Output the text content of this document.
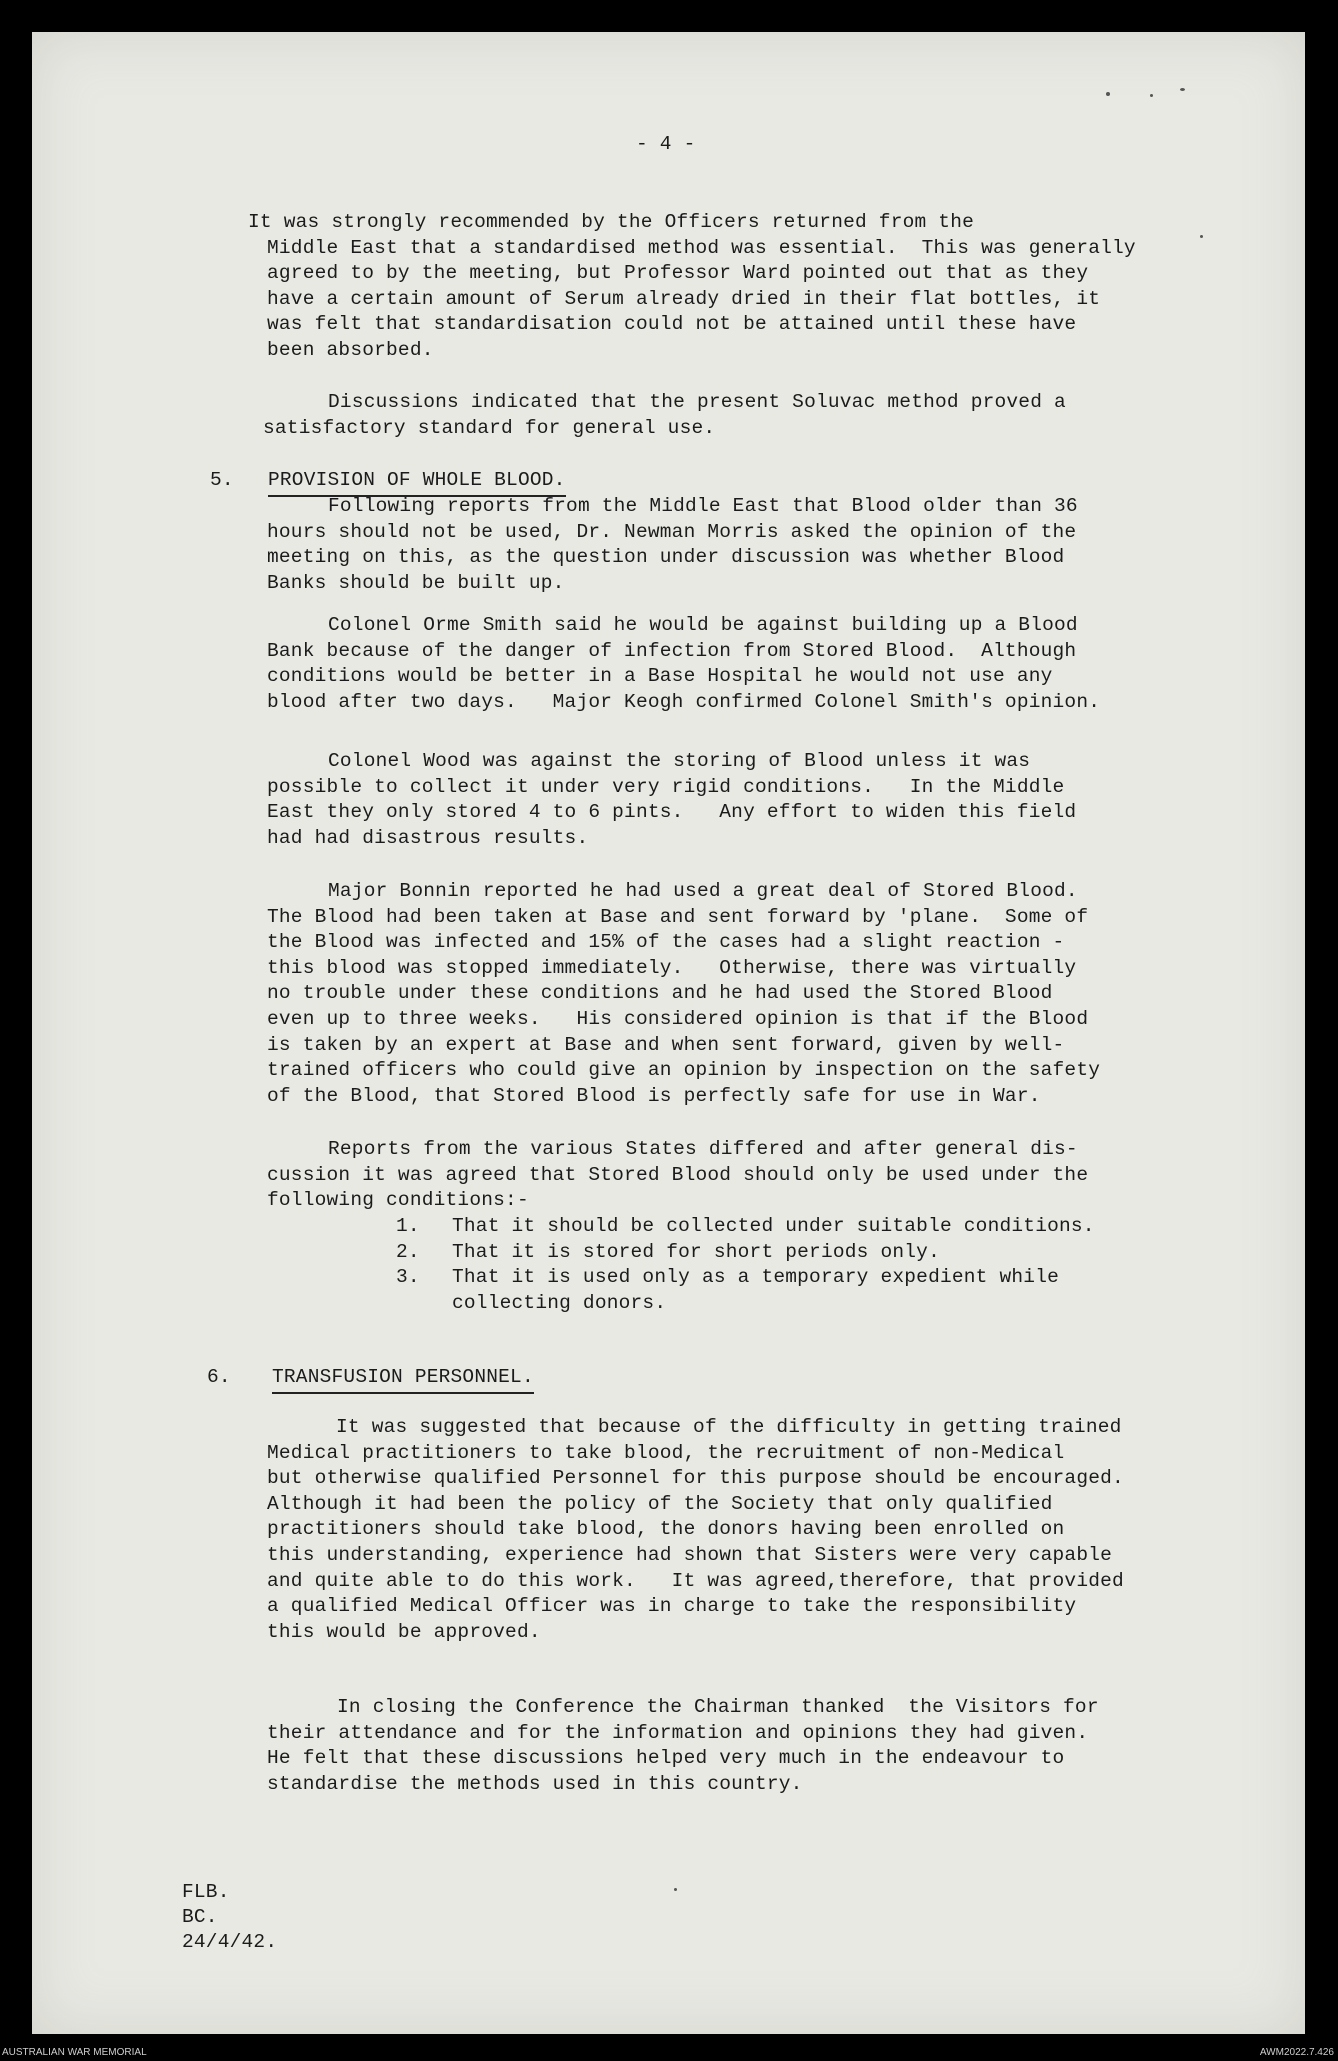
- 4 -
5. PROVISION OF WHOLE BLOOD.
1. That it should be collected under suitable conditions.
2. That it is stored for short periods only.
3. That it is used only as a temporary expedient while
collecting donors.
6. TRANSFUSION PERSONNEL.
FLB.
BC.
24/4/42.
It was strongly recommended by the Officers returned from the
Middle East that a standardised method was essential.  This was generally
agreed to by the meeting, but Professor Ward pointed out that as they
have a certain amount of Serum already dried in their flat bottles, it
was felt that standardisation could not be attained until these have
been absorbed.
Discussions indicated that the present Soluvac method proved a
satisfactory standard for general use.
Following reports from the Middle East that Blood older than 36
hours should not be used, Dr. Newman Morris asked the opinion of the
meeting on this, as the question under discussion was whether Blood
Banks should be built up.
Colonel Orme Smith said he would be against building up a Blood
Bank because of the danger of infection from Stored Blood.  Although
conditions would be better in a Base Hospital he would not use any
blood after two days.   Major Keogh confirmed Colonel Smith's opinion.
Colonel Wood was against the storing of Blood unless it was
possible to collect it under very rigid conditions.   In the Middle
East they only stored 4 to 6 pints.   Any effort to widen this field
had had disastrous results.
Major Bonnin reported he had used a great deal of Stored Blood.
The Blood had been taken at Base and sent forward by 'plane.  Some of
the Blood was infected and 15% of the cases had a slight reaction -
this blood was stopped immediately.   Otherwise, there was virtually
no trouble under these conditions and he had used the Stored Blood
even up to three weeks.   His considered opinion is that if the Blood
is taken by an expert at Base and when sent forward, given by well-
trained officers who could give an opinion by inspection on the safety
of the Blood, that Stored Blood is perfectly safe for use in War.
Reports from the various States differed and after general dis-
cussion it was agreed that Stored Blood should only be used under the
following conditions:-
It was suggested that because of the difficulty in getting trained
Medical practitioners to take blood, the recruitment of non-Medical
but otherwise qualified Personnel for this purpose should be encouraged.
Although it had been the policy of the Society that only qualified
practitioners should take blood, the donors having been enrolled on
this understanding, experience had shown that Sisters were very capable
and quite able to do this work.   It was agreed,therefore, that provided
a qualified Medical Officer was in charge to take the responsibility
this would be approved.
In closing the Conference the Chairman thanked  the Visitors for
their attendance and for the information and opinions they had given.
He felt that these discussions helped very much in the endeavour to
standardise the methods used in this country.
AUSTRALIAN WAR MEMORIAL	AWM2022.7.426
